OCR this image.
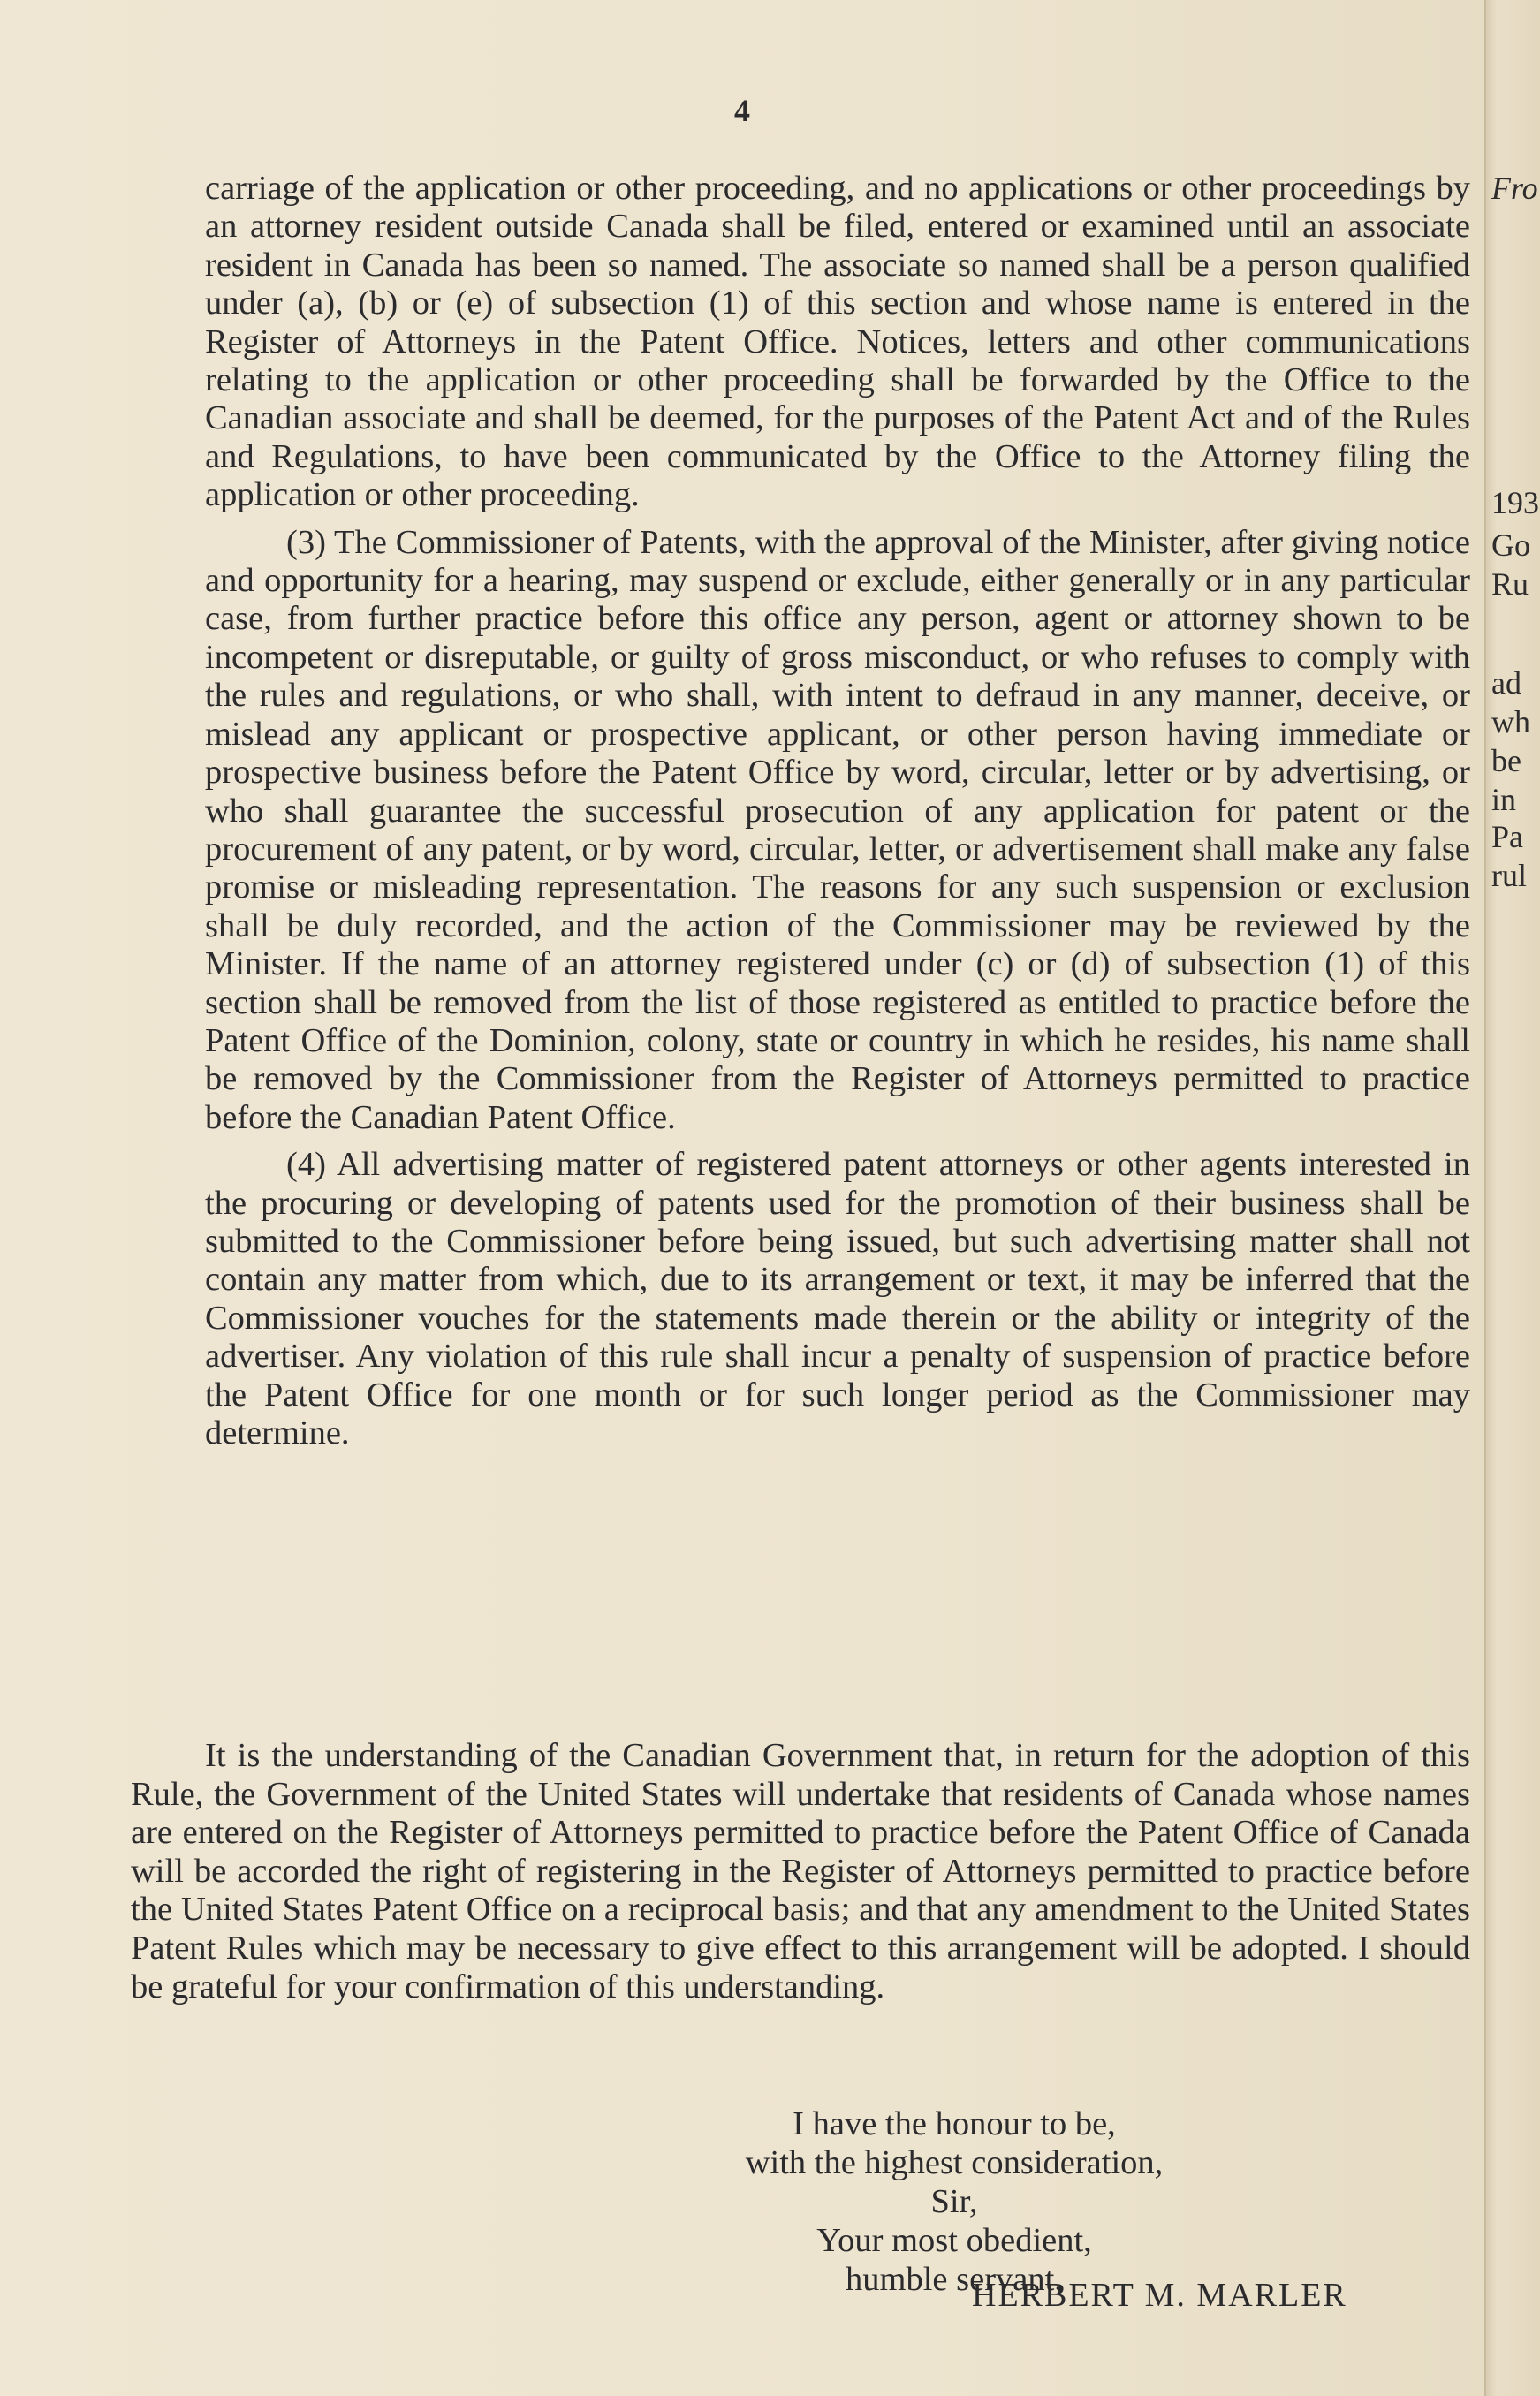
4

carriage of the application or other proceeding, and no applications or other proceedings by an attorney resident outside Canada shall be filed, entered or examined until an associate resident in Canada has been so named. The associate so named shall be a person qualified under (a), (b) or (e) of subsection (1) of this section and whose name is entered in the Register of Attorneys in the Patent Office. Notices, letters and other communications relating to the application or other proceeding shall be forwarded by the Office to the Canadian associate and shall be deemed, for the purposes of the Patent Act and of the Rules and Regulations, to have been communicated by the Office to the Attorney filing the application or other proceeding.

(3) The Commissioner of Patents, with the approval of the Minister, after giving notice and opportunity for a hearing, may suspend or exclude, either generally or in any particular case, from further practice before this office any person, agent or attorney shown to be incompetent or disreputable, or guilty of gross misconduct, or who refuses to comply with the rules and regulations, or who shall, with intent to defraud in any manner, deceive, or mislead any applicant or prospective applicant, or other person having immediate or prospective business before the Patent Office by word, circular, letter or by advertising, or who shall guarantee the successful prosecution of any application for patent or the procurement of any patent, or by word, circular, letter, or advertisement shall make any false promise or misleading representation. The reasons for any such suspension or exclusion shall be duly recorded, and the action of the Commissioner may be reviewed by the Minister. If the name of an attorney registered under (c) or (d) of subsection (1) of this section shall be removed from the list of those registered as entitled to practice before the Patent Office of the Dominion, colony, state or country in which he resides, his name shall be removed by the Commissioner from the Register of Attorneys permitted to practice before the Canadian Patent Office.

(4) All advertising matter of registered patent attorneys or other agents interested in the procuring or developing of patents used for the promotion of their business shall be submitted to the Commissioner before being issued, but such advertising matter shall not contain any matter from which, due to its arrangement or text, it may be inferred that the Commissioner vouches for the statements made therein or the ability or integrity of the advertiser. Any violation of this rule shall incur a penalty of suspension of practice before the Patent Office for one month or for such longer period as the Commissioner may determine.

It is the understanding of the Canadian Government that, in return for the adoption of this Rule, the Government of the United States will undertake that residents of Canada whose names are entered on the Register of Attorneys permitted to practice before the Patent Office of Canada will be accorded the right of registering in the Register of Attorneys permitted to practice before the United States Patent Office on a reciprocal basis; and that any amendment to the United States Patent Rules which may be necessary to give effect to this arrangement will be adopted. I should be grateful for your confirmation of this understanding.

I have the honour to be,
with the highest consideration,
Sir,
Your most obedient,
humble servant,
HERBERT M. MARLER
Fro
193
Go
Ru
ad
wh
be
in
Pa
rul
